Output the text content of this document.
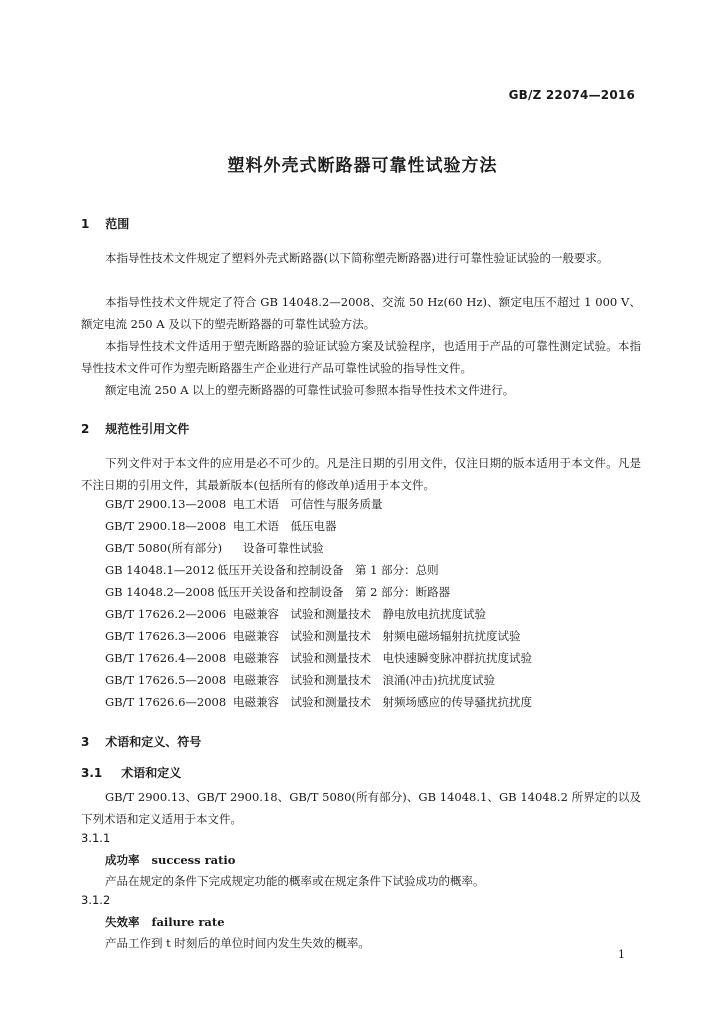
GB/Z 22074—2016
塑料外壳式断路器可靠性试验方法
1 范围
本指导性技术文件规定了塑料外壳式断路器(以下简称塑壳断路器)进行可靠性验证试验的一般要求。
本指导性技术文件规定了符合 GB 14048.2—2008、交流 50 Hz(60 Hz)、额定电压不超过 1 000 V、额定电流 250 A 及以下的塑壳断路器的可靠性试验方法。
本指导性技术文件适用于塑壳断路器的验证试验方案及试验程序，也适用于产品的可靠性测定试验。本指导性技术文件可作为塑壳断路器生产企业进行产品可靠性试验的指导性文件。
额定电流 250 A 以上的塑壳断路器的可靠性试验可参照本指导性技术文件进行。
2 规范性引用文件
下列文件对于本文件的应用是必不可少的。凡是注日期的引用文件，仅注日期的版本适用于本文件。凡是不注日期的引用文件，其最新版本(包括所有的修改单)适用于本文件。
GB/T 2900.13—2008 电工术语　可信性与服务质量
GB/T 2900.18—2008 电工术语　低压电器
GB/T 5080(所有部分) 设备可靠性试验
GB 14048.1—2012 低压开关设备和控制设备　第 1 部分：总则
GB 14048.2—2008 低压开关设备和控制设备　第 2 部分：断路器
GB/T 17626.2—2006 电磁兼容　试验和测量技术　静电放电抗扰度试验
GB/T 17626.3—2006 电磁兼容　试验和测量技术　射频电磁场辐射抗扰度试验
GB/T 17626.4—2008 电磁兼容　试验和测量技术　电快速瞬变脉冲群抗扰度试验
GB/T 17626.5—2008 电磁兼容　试验和测量技术　浪涌(冲击)抗扰度试验
GB/T 17626.6—2008 电磁兼容　试验和测量技术　射频场感应的传导骚扰抗扰度
3 术语和定义、符号
3.1 术语和定义
GB/T 2900.13、GB/T 2900.18、GB/T 5080(所有部分)、GB 14048.1、GB 14048.2 所界定的以及下列术语和定义适用于本文件。
3.1.1
成功率 success ratio
产品在规定的条件下完成规定功能的概率或在规定条件下试验成功的概率。
3.1.2
失效率 failure rate
产品工作到 t 时刻后的单位时间内发生失效的概率。
1
